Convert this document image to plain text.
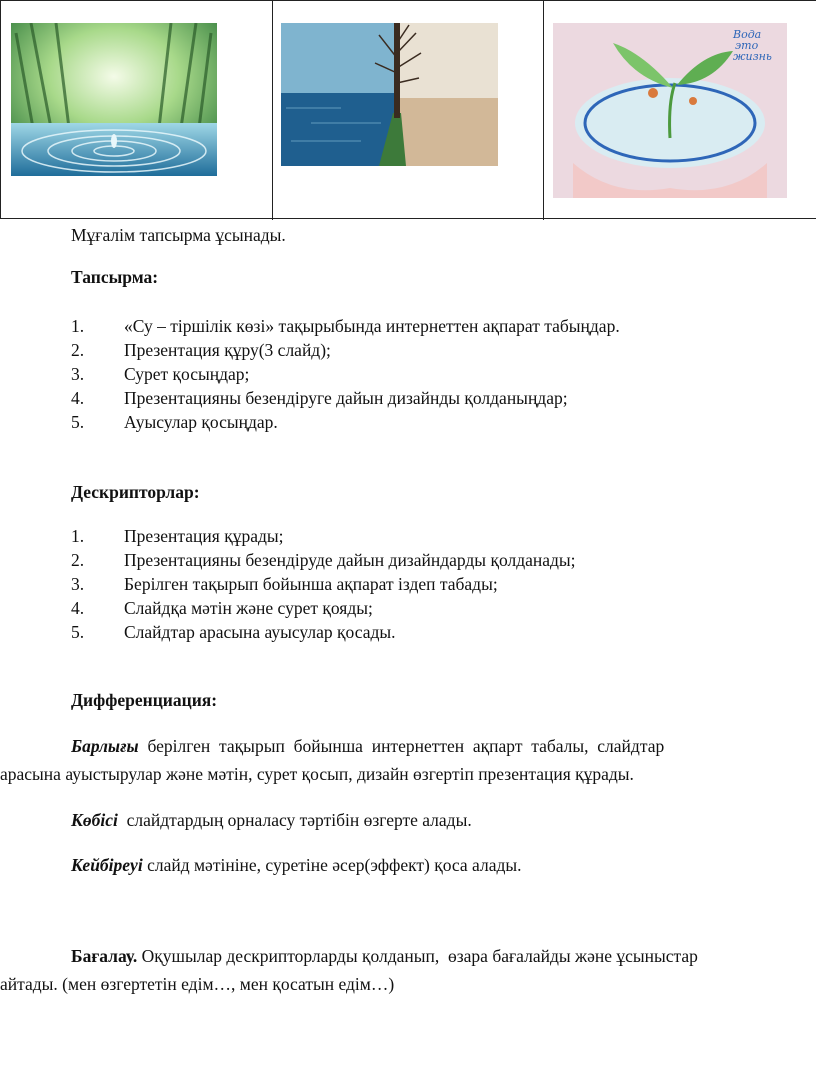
Вода
это
жизнь
Мұғалім тапсырма ұсынады.
Тапсырма:
1. «Су – тіршілік көзі» тақырыбында интернеттен ақпарат табыңдар.
2. Презентация құру(3 слайд);
3. Сурет қосыңдар;
4. Презентацияны безендіруге дайын дизайнды қолданыңдар;
5. Ауысулар қосыңдар.
Дескрипторлар:
1. Презентация құрады;
2. Презентацияны безендіруде дайын дизайндарды қолданады;
3. Берілген тақырып бойынша ақпарат іздеп табады;
4. Слайдқа мәтін және сурет қояды;
5. Слайдтар арасына ауысулар қосады.
Дифференциация:
Барлығы  берілген  тақырып  бойынша  интернеттен  ақпарт  табалы,  слайдтар
арасына ауыстырулар және мәтін, сурет қосып, дизайн өзгертіп презентация құрады.
Көбісі  слайдтардың орналасу тәртібін өзгерте алады.
Кейбіреуі слайд мәтініне, суретіне әсер(эффект) қоса алады.
Бағалау. Оқушылар дескрипторларды қолданып,  өзара бағалайды және ұсыныстар
айтады. (мен өзгертетін едім…, мен қосатын едім…)
